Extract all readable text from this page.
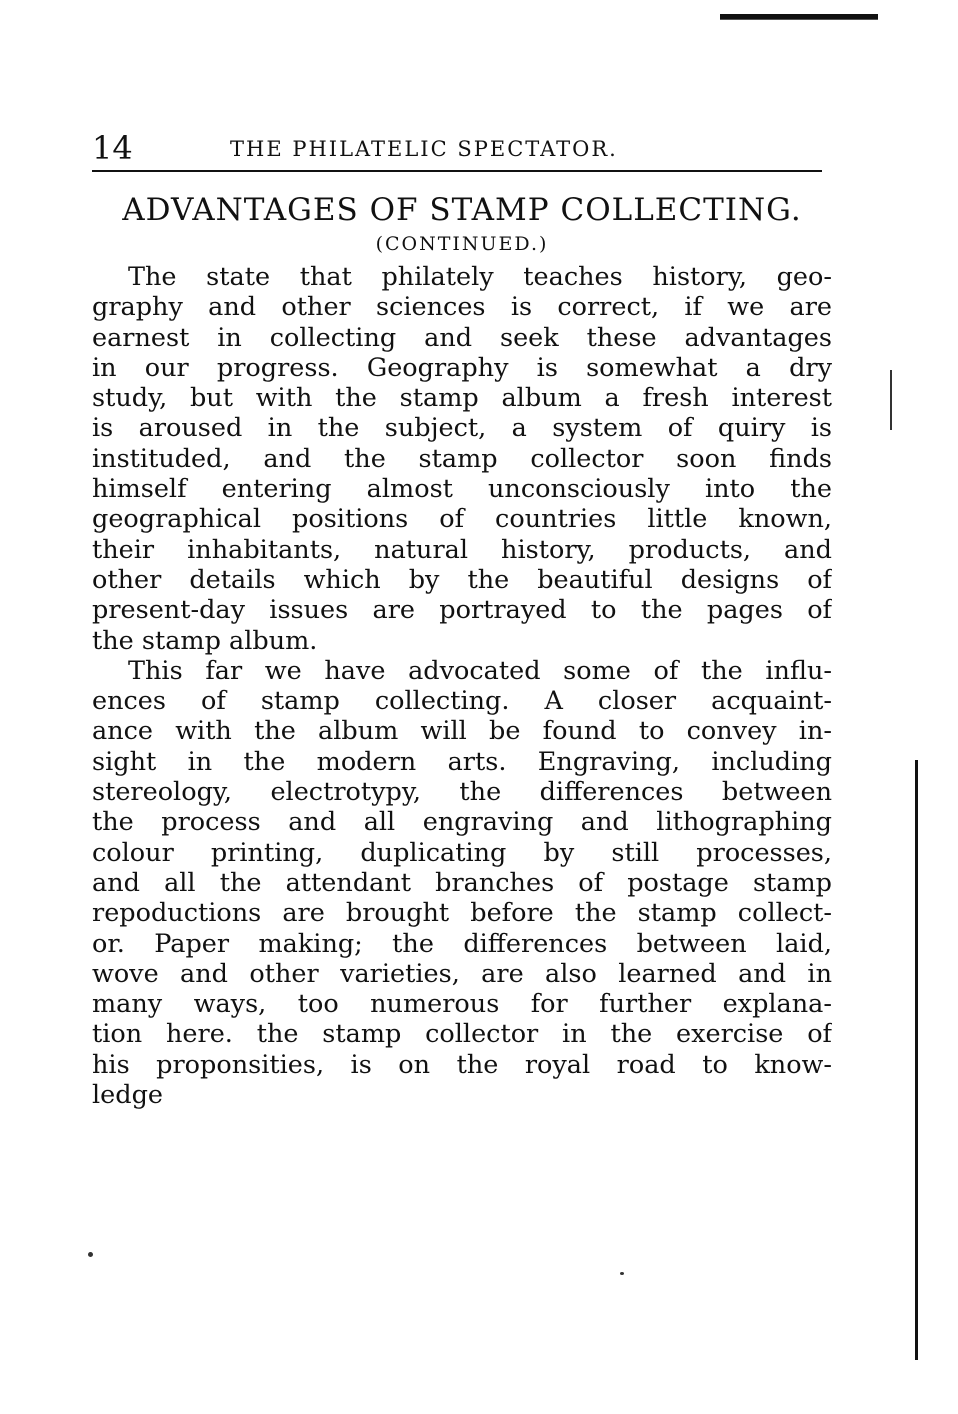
14	THE PHILATELIC SPECTATOR.
ADVANTAGES OF STAMP COLLECTING.
(CONTINUED.)
The state that philately teaches history, geo-
graphy and other sciences is correct, if we are
earnest in collecting and seek these advantages
in our progress. Geography is somewhat a dry
study, but with the stamp album a fresh interest
is aroused in the subject, a system of quiry is
instituded, and the stamp collector soon finds
himself entering almost unconsciously into the
geographical positions of countries little known,
their inhabitants, natural history, products, and
other details which by the beautiful designs of
present-day issues are portrayed to the pages of
the stamp album.
This far we have advocated some of the influ-
ences of stamp collecting. A closer acquaint-
ance with the album will be found to convey in-
sight in the modern arts. Engraving, including
stereology, electrotypy, the differences between
the process and all engraving and lithographing
colour printing, duplicating by still processes,
and all the attendant branches of postage stamp
repoductions are brought before the stamp collect-
or. Paper making; the differences between laid,
wove and other varieties, are also learned and in
many ways, too numerous for further explana-
tion here. the stamp collector in the exercise of
his proponsities, is on the royal road to know-
ledge
